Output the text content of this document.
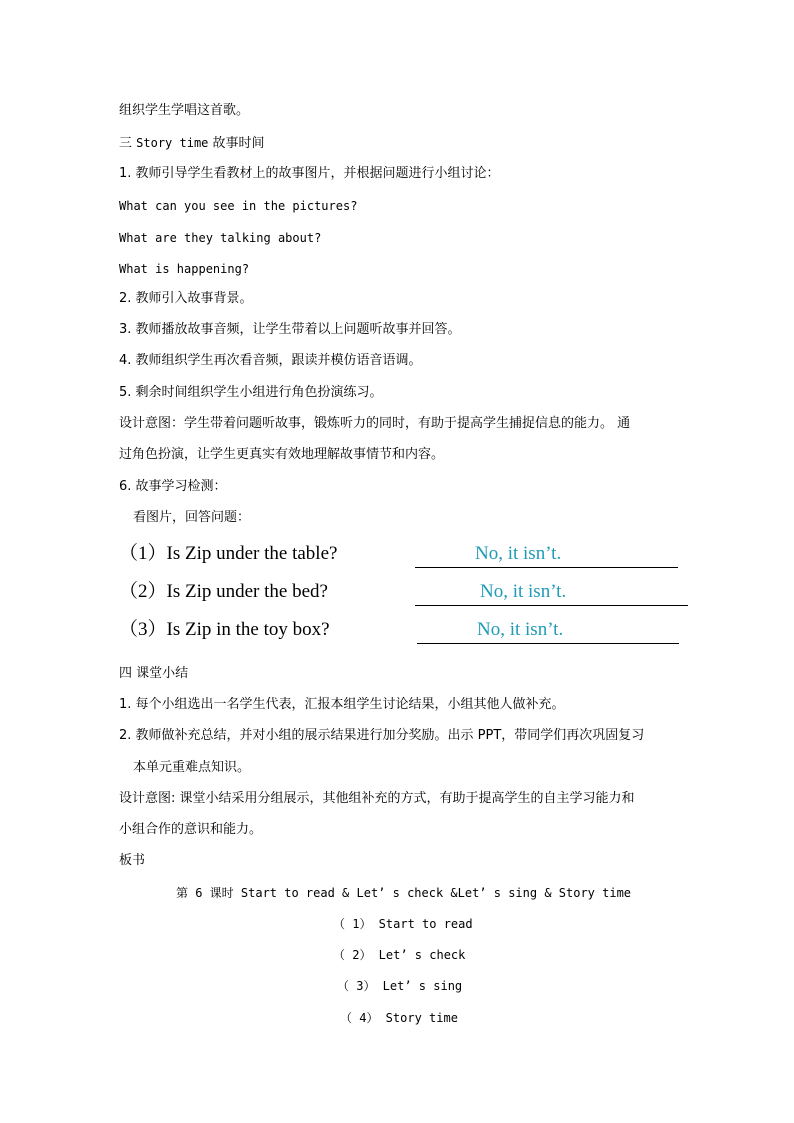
组织学生学唱这首歌。
三 Story time 故事时间
1. 教师引导学生看教材上的故事图片，并根据问题进行小组讨论：
What can you see in the pictures?
What are they talking about?
What is happening?
2. 教师引入故事背景。
3. 教师播放故事音频，让学生带着以上问题听故事并回答。
4. 教师组织学生再次看音频，跟读并模仿语音语调。
5. 剩余时间组织学生小组进行角色扮演练习。
设计意图：学生带着问题听故事，锻炼听力的同时，有助于提高学生捕捉信息的能力。 通
过角色扮演，让学生更真实有效地理解故事情节和内容。
6. 故事学习检测：
看图片，回答问题：
（1）Is Zip under the table?	No, it isn’t.
（2）Is Zip under the bed?	No, it isn’t.
（3）Is Zip in the toy box?	No, it isn’t.
四 课堂小结
1. 每个小组选出一名学生代表，汇报本组学生讨论结果，小组其他人做补充。
2. 教师做补充总结，并对小组的展示结果进行加分奖励。出示 PPT，带同学们再次巩固复习
本单元重难点知识。
设计意图: 课堂小结采用分组展示，其他组补充的方式，有助于提高学生的自主学习能力和
小组合作的意识和能力。
板书
第 6 课时 Start to read & Let’ s check &Let’ s sing & Story time
（ 1） Start to read
（ 2） Let’ s check
（ 3） Let’ s sing
（ 4） Story time
